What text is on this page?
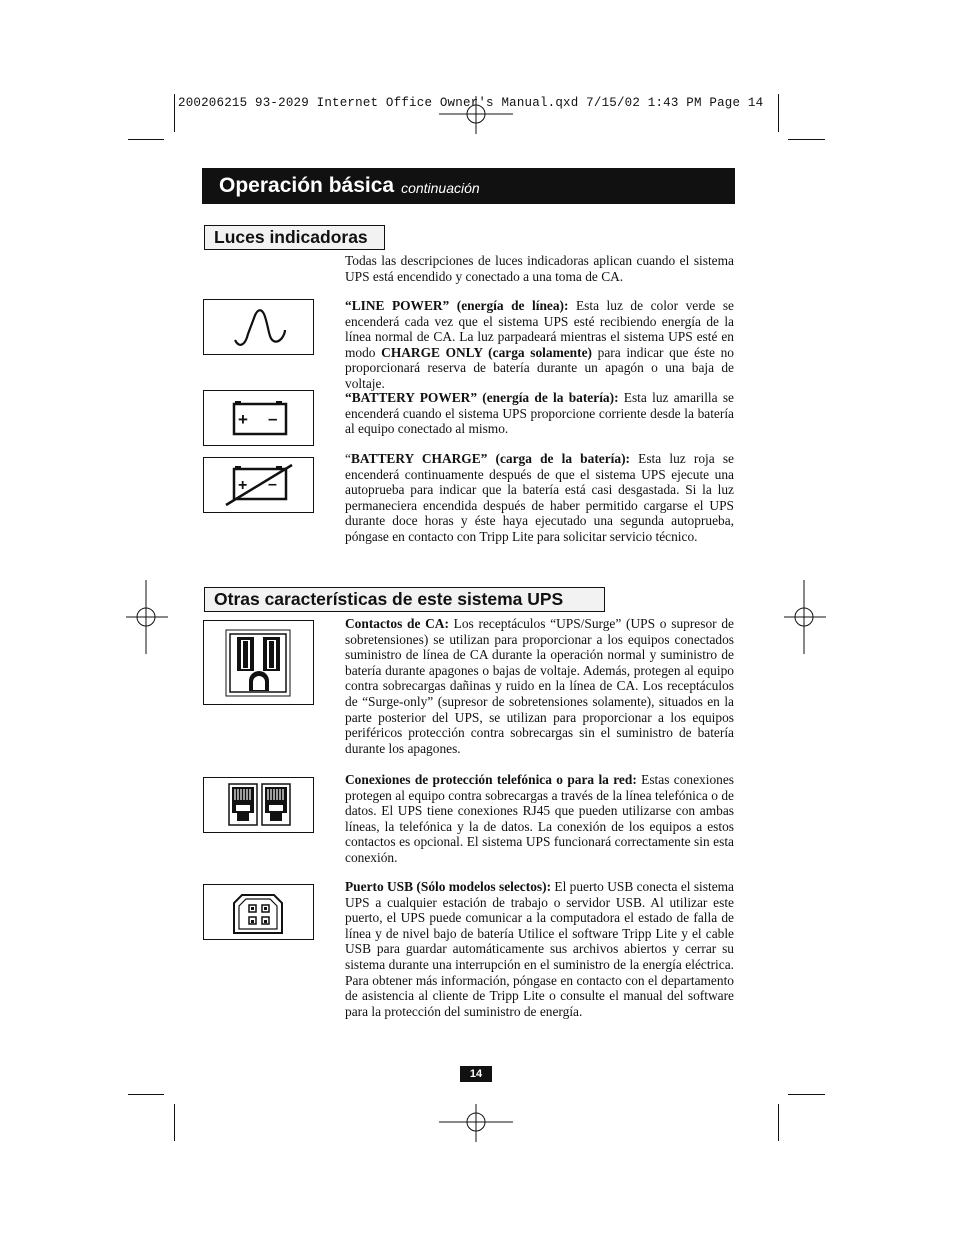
200206215 93-2029 Internet Office Owner's Manual.qxd 7/15/02 1:43 PM Page 14
Operación básica continuación
Luces indicadoras
Todas las descripciones de luces indicadoras aplican cuando el sistema UPS está encendido y conectado a una toma de CA.
“LINE POWER” (energía de línea): Esta luz de color verde se encenderá cada vez que el sistema UPS esté recibiendo energía de la línea normal de CA. La luz parpadeará mientras el sistema UPS esté en modo CHARGE ONLY (carga solamente) para indicar que éste no proporcionará reserva de batería durante un apagón o una baja de voltaje.
+ –
“BATTERY POWER” (energía de la batería): Esta luz amarilla se encenderá cuando el sistema UPS proporcione corriente desde la batería al equipo conectado al mismo.
+ –
“BATTERY CHARGE” (carga de la batería): Esta luz roja se encenderá continuamente después de que el sistema UPS ejecute una autoprueba para indicar que la batería está casi desgastada. Si la luz permaneciera encendida después de haber permitido cargarse el UPS durante doce horas y éste haya ejecutado una segunda autoprueba, póngase en contacto con Tripp Lite para solicitar servicio técnico.
Otras características de este sistema UPS
Contactos de CA: Los receptáculos “UPS/Surge” (UPS o supresor de sobretensiones) se utilizan para proporcionar a los equipos conectados suministro de línea de CA durante la operación normal y suministro de batería durante apagones o bajas de voltaje. Además, protegen al equipo contra sobrecargas dañinas y ruido en la línea de CA. Los receptáculos de “Surge-only” (supresor de sobretensiones solamente), situados en la parte posterior del UPS, se utilizan para proporcionar a los equipos periféricos protección contra sobrecargas sin el suministro de batería durante los apagones.
Conexiones de protección telefónica o para la red: Estas conexiones protegen al equipo contra sobrecargas a través de la línea telefónica o de datos. El UPS tiene conexiones RJ45 que pueden utilizarse con ambas líneas, la telefónica y la de datos. La conexión de los equipos a estos contactos es opcional. El sistema UPS funcionará correctamente sin esta conexión.
Puerto USB (Sólo modelos selectos): El puerto USB conecta el sistema UPS a cualquier estación de trabajo o servidor USB. Al utilizar este puerto, el UPS puede comunicar a la computadora el estado de falla de línea y de nivel bajo de batería Utilice el software Tripp Lite y el cable USB para guardar automáticamente sus archivos abiertos y cerrar su sistema durante una interrupción en el suministro de la energía eléctrica. Para obtener más información, póngase en contacto con el departamento de asistencia al cliente de Tripp Lite o consulte el manual del software para la protección del suministro de energía.
14
